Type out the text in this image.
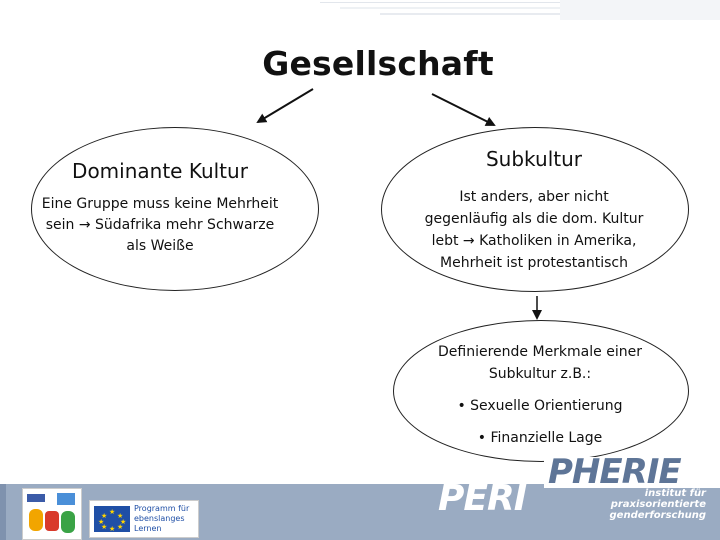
Gesellschaft
Dominante Kultur
Eine Gruppe muss keine Mehrheit
sein → Südafrika mehr Schwarze
als Weiße
Subkultur
Ist anders, aber nicht
gegenläufig als die dom. Kultur
lebt → Katholiken in Amerika,
Mehrheit ist protestantisch
Definierende Merkmale einer
Subkultur z.B.:
• Sexuelle Orientierung
• Finanzielle Lage
★
★ ★
★ ★
★ ★
★
Programm für
ebenslanges
Lernen
PHERIE
PERI	institut für
praxisorientierte
genderforschung
